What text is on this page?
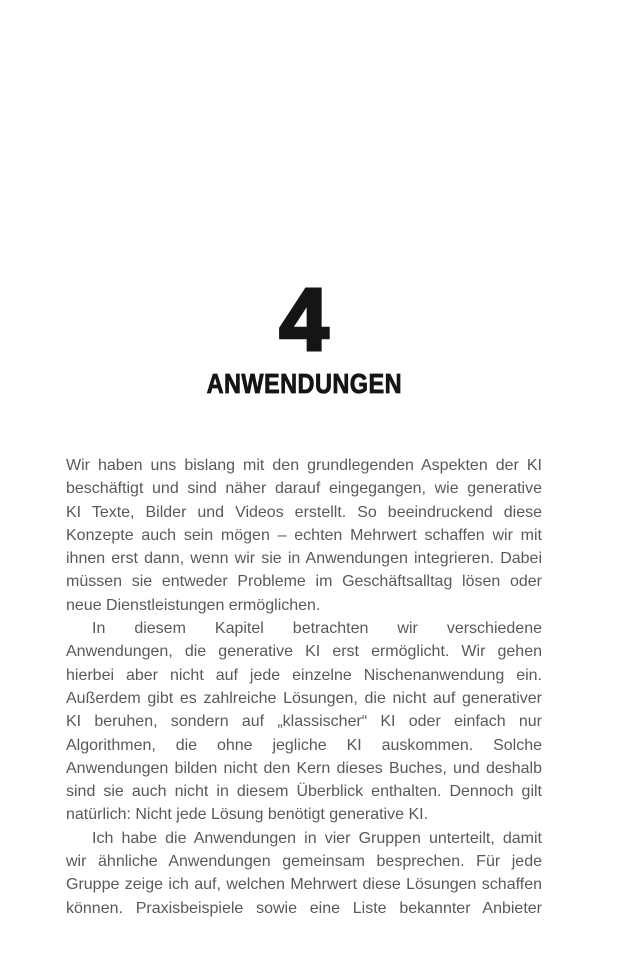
4
ANWENDUNGEN
Wir haben uns bislang mit den grundlegenden Aspekten der KI
beschäftigt und sind näher darauf eingegangen, wie generative
KI Texte, Bilder und Videos erstellt. So beeindruckend diese
Konzepte auch sein mögen – echten Mehrwert schaffen wir mit
ihnen erst dann, wenn wir sie in Anwendungen integrieren. Dabei
müssen sie entweder Probleme im Geschäftsalltag lösen oder
neue Dienstleistungen ermöglichen.
In diesem Kapitel betrachten wir verschiedene
Anwendungen, die generative KI erst ermöglicht. Wir gehen
hierbei aber nicht auf jede einzelne Nischenanwendung ein.
Außerdem gibt es zahlreiche Lösungen, die nicht auf generativer
KI beruhen, sondern auf „klassischer“ KI oder einfach nur
Algorithmen, die ohne jegliche KI auskommen. Solche
Anwendungen bilden nicht den Kern dieses Buches, und deshalb
sind sie auch nicht in diesem Überblick enthalten. Dennoch gilt
natürlich: Nicht jede Lösung benötigt generative KI.
Ich habe die Anwendungen in vier Gruppen unterteilt, damit
wir ähnliche Anwendungen gemeinsam besprechen. Für jede
Gruppe zeige ich auf, welchen Mehrwert diese Lösungen schaffen
können. Praxisbeispiele sowie eine Liste bekannter Anbieter
